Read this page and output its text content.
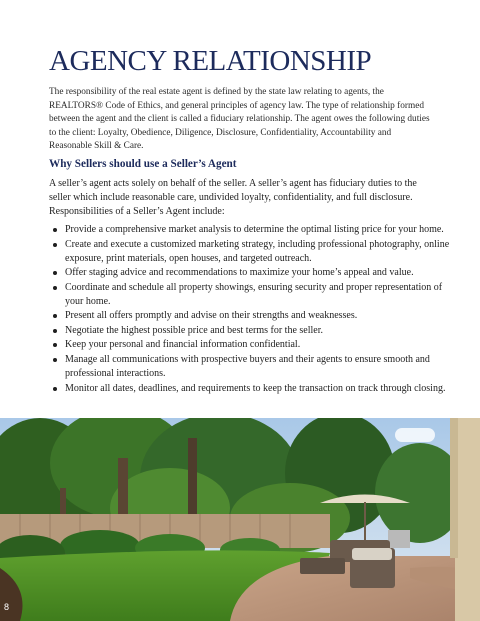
AGENCY RELATIONSHIP

The responsibility of the real estate agent is defined by the state law relating to agents, the REALTORS® Code of Ethics, and general principles of agency law. The type of relationship formed between the agent and the client is called a fiduciary relationship. The agent owes the following duties to the client: Loyalty, Obedience, Diligence, Disclosure, Confidentiality, Accountability and Reasonable Skill & Care.

Why Sellers should use a Seller’s Agent

A seller’s agent acts solely on behalf of the seller. A seller’s agent has fiduciary duties to the seller which include reasonable care, undivided loyalty, confidentiality, and full disclosure. Responsibilities of a Seller’s Agent include:

Provide a comprehensive market analysis to determine the optimal listing price for your home.
Create and execute a customized marketing strategy, including professional photography, online exposure, print materials, open houses, and targeted outreach.
Offer staging advice and recommendations to maximize your home’s appeal and value.
Coordinate and schedule all property showings, ensuring security and proper representation of your home.
Present all offers promptly and advise on their strengths and weaknesses.
Negotiate the highest possible price and best terms for the seller.
Keep your personal and financial information confidential.
Manage all communications with prospective buyers and their agents to ensure smooth and professional interactions.
Monitor all dates, deadlines, and requirements to keep the transaction on track through closing.
8
